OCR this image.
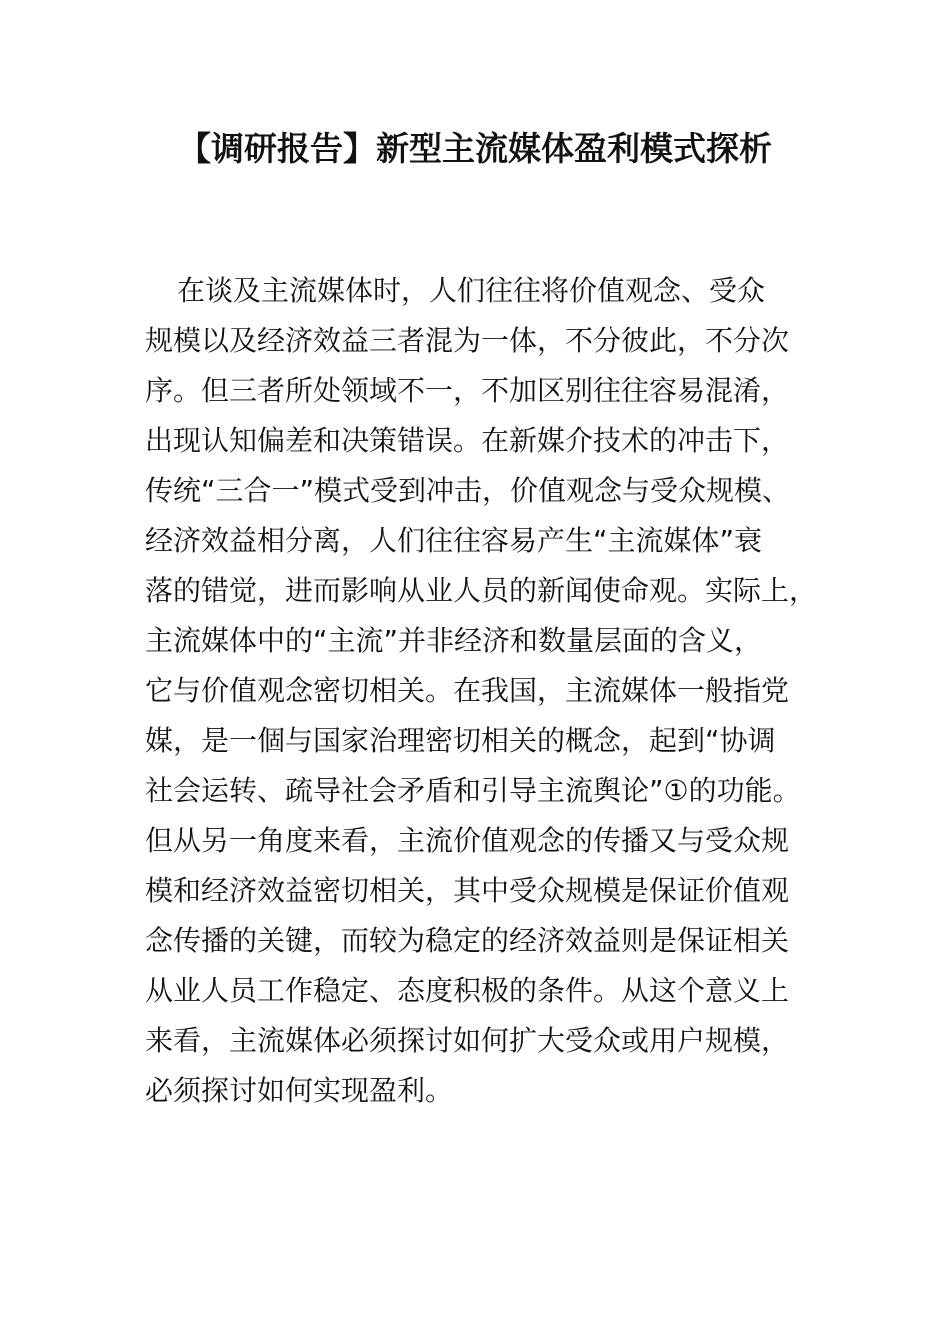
【调研报告】新型主流媒体盈利模式探析
在谈及主流媒体时，人们往往将价值观念、受众
规模以及经济效益三者混为一体，不分彼此，不分次
序。但三者所处领域不一，不加区别往往容易混淆，
出现认知偏差和决策错误。在新媒介技术的冲击下，
传统“三合一”模式受到冲击，价值观念与受众规模、
经济效益相分离，人们往往容易产生“主流媒体”衰
落的错觉，进而影响从业人员的新闻使命观。实际上，
主流媒体中的“主流”并非经济和数量层面的含义，
它与价值观念密切相关。在我国，主流媒体一般指党
媒，是一個与国家治理密切相关的概念，起到“协调
社会运转、疏导社会矛盾和引导主流舆论”①的功能。
但从另一角度来看，主流价值观念的传播又与受众规
模和经济效益密切相关，其中受众规模是保证价值观
念传播的关键，而较为稳定的经济效益则是保证相关
从业人员工作稳定、态度积极的条件。从这个意义上
来看，主流媒体必须探讨如何扩大受众或用户规模，
必须探讨如何实现盈利。
